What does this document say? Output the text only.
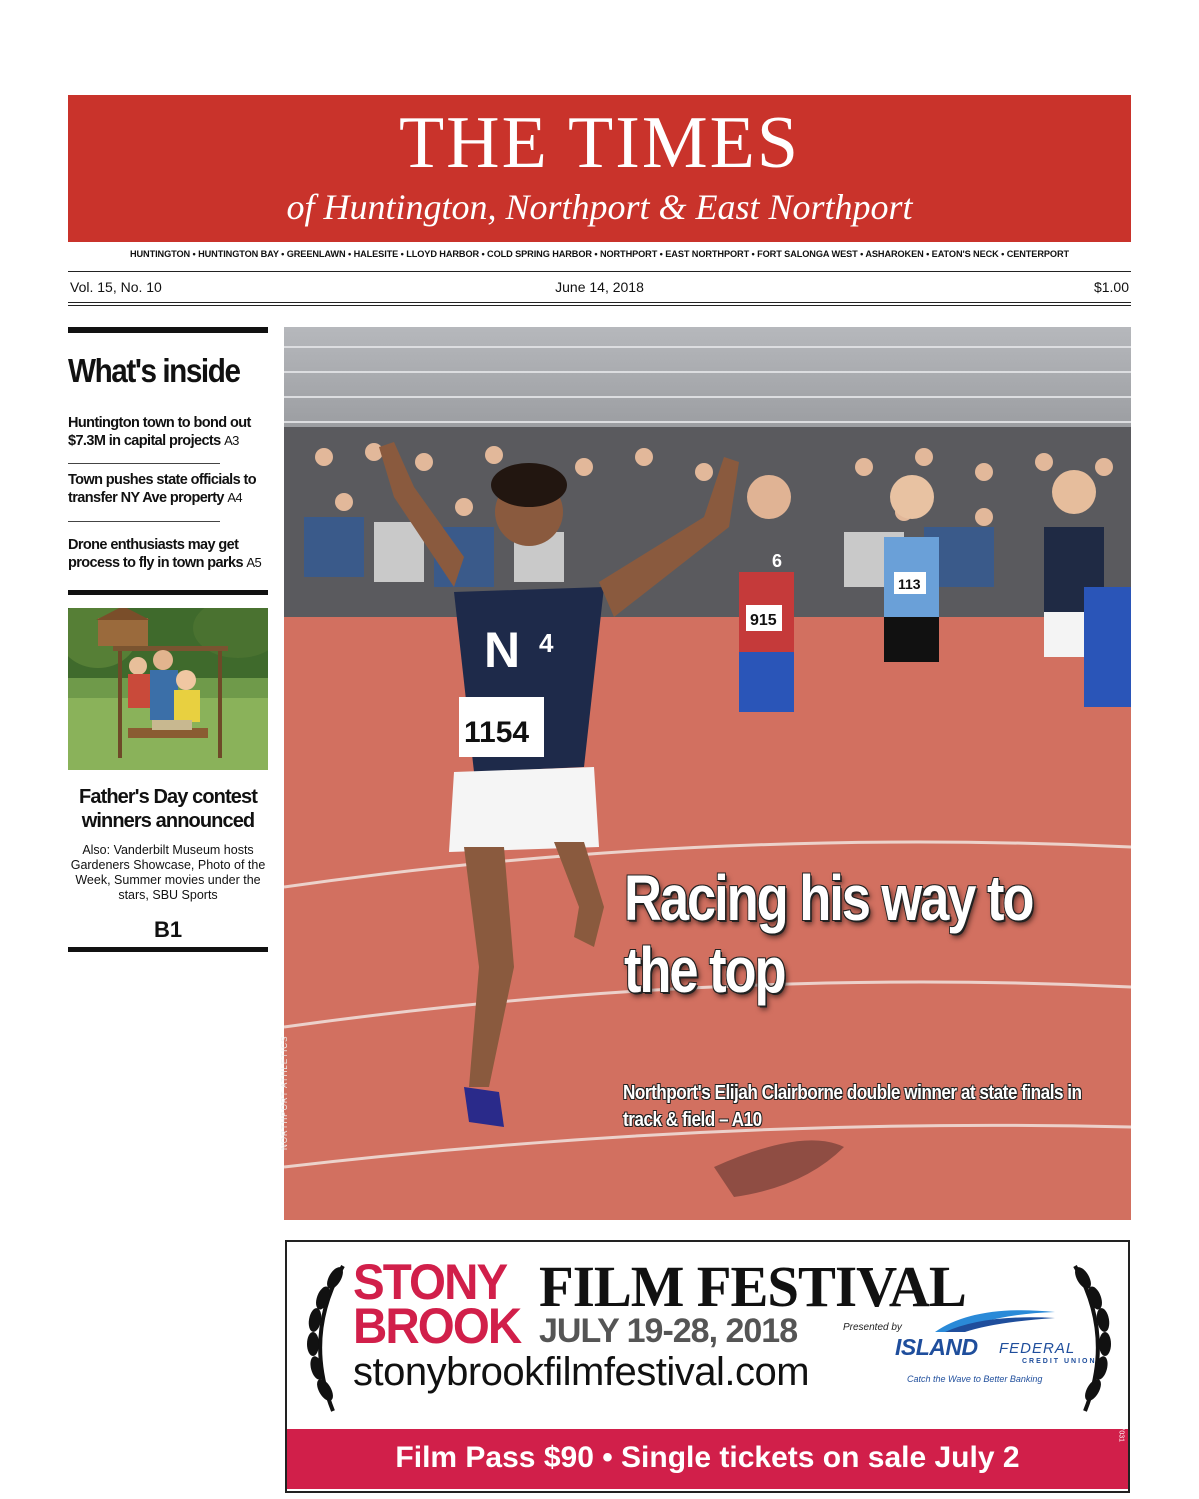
THE TIMES
of Huntington, Northport & East Northport
HUNTINGTON • HUNTINGTON BAY • GREENLAWN • HALESITE • LLOYD HARBOR • COLD SPRING HARBOR • NORTHPORT • EAST NORTHPORT • FORT SALONGA WEST • ASHAROKEN • EATON'S NECK • CENTERPORT
Vol. 15, No. 10	June 14, 2018	$1.00
What's inside
Huntington town to bond out $7.3M in capital projects A3
Town pushes state officials to transfer NY Ave property A4
Drone enthusiasts may get process to fly in town parks A5
Father's Day contest winners announced
Also: Vanderbilt Museum hosts Gardeners Showcase, Photo of the Week, Summer movies under the stars, SBU Sports
B1
915
6
113
N 4
1154
Racing his way to the top
Northport's Elijah Clairborne double winner at state finals in track & field – A10
NORTHPORT ATHLETICS
STONY
BROOK
FILM FESTIVAL
JULY 19-28, 2018	Presented by
ISLAND FEDERAL
CREDIT UNION
Catch the Wave to Better Banking
stonybrookfilmfestival.com
Film Pass $90 • Single tickets on sale July 2
157031
